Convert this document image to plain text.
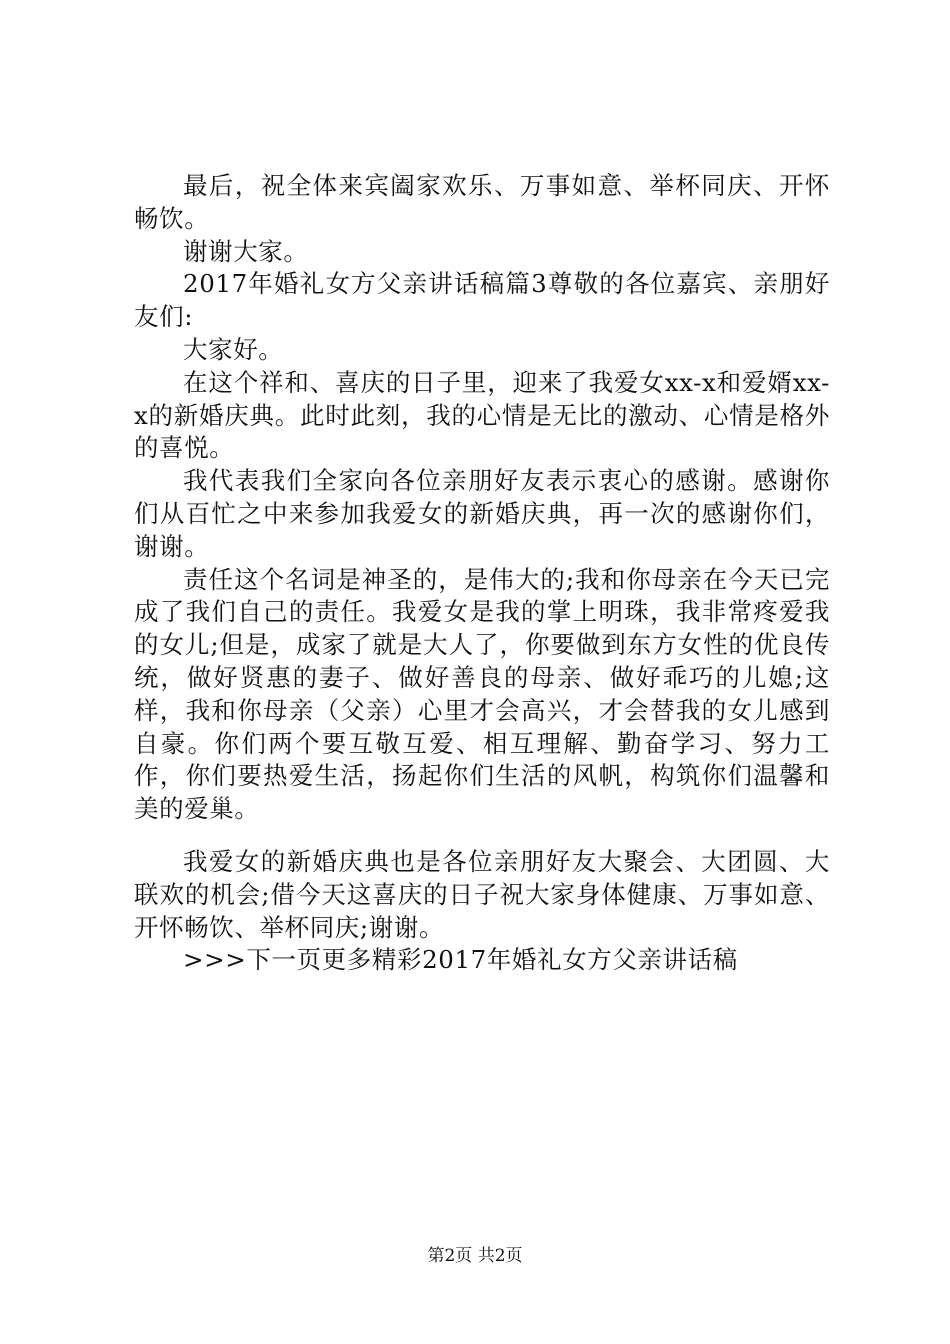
最后，祝全体来宾阖家欢乐、万事如意、举杯同庆、开怀畅饮。

谢谢大家。

2017年婚礼女方父亲讲话稿篇3尊敬的各位嘉宾、亲朋好友们:

大家好。

在这个祥和、喜庆的日子里，迎来了我爱女xx-x和爱婿xx-x的新婚庆典。此时此刻，我的心情是无比的激动、心情是格外的喜悦。

我代表我们全家向各位亲朋好友表示衷心的感谢。感谢你们从百忙之中来参加我爱女的新婚庆典，再一次的感谢你们，谢谢。

责任这个名词是神圣的，是伟大的;我和你母亲在今天已完成了我们自己的责任。我爱女是我的掌上明珠，我非常疼爱我的女儿;但是，成家了就是大人了，你要做到东方女性的优良传统，做好贤惠的妻子、做好善良的母亲、做好乖巧的儿媳;这样，我和你母亲（父亲）心里才会高兴，才会替我的女儿感到自豪。你们两个要互敬互爱、相互理解、勤奋学习、努力工作，你们要热爱生活，扬起你们生活的风帆，构筑你们温馨和美的爱巢。

我爱女的新婚庆典也是各位亲朋好友大聚会、大团圆、大联欢的机会;借今天这喜庆的日子祝大家身体健康、万事如意、开怀畅饮、举杯同庆;谢谢。

>>>下一页更多精彩2017年婚礼女方父亲讲话稿

第2页 共2页
